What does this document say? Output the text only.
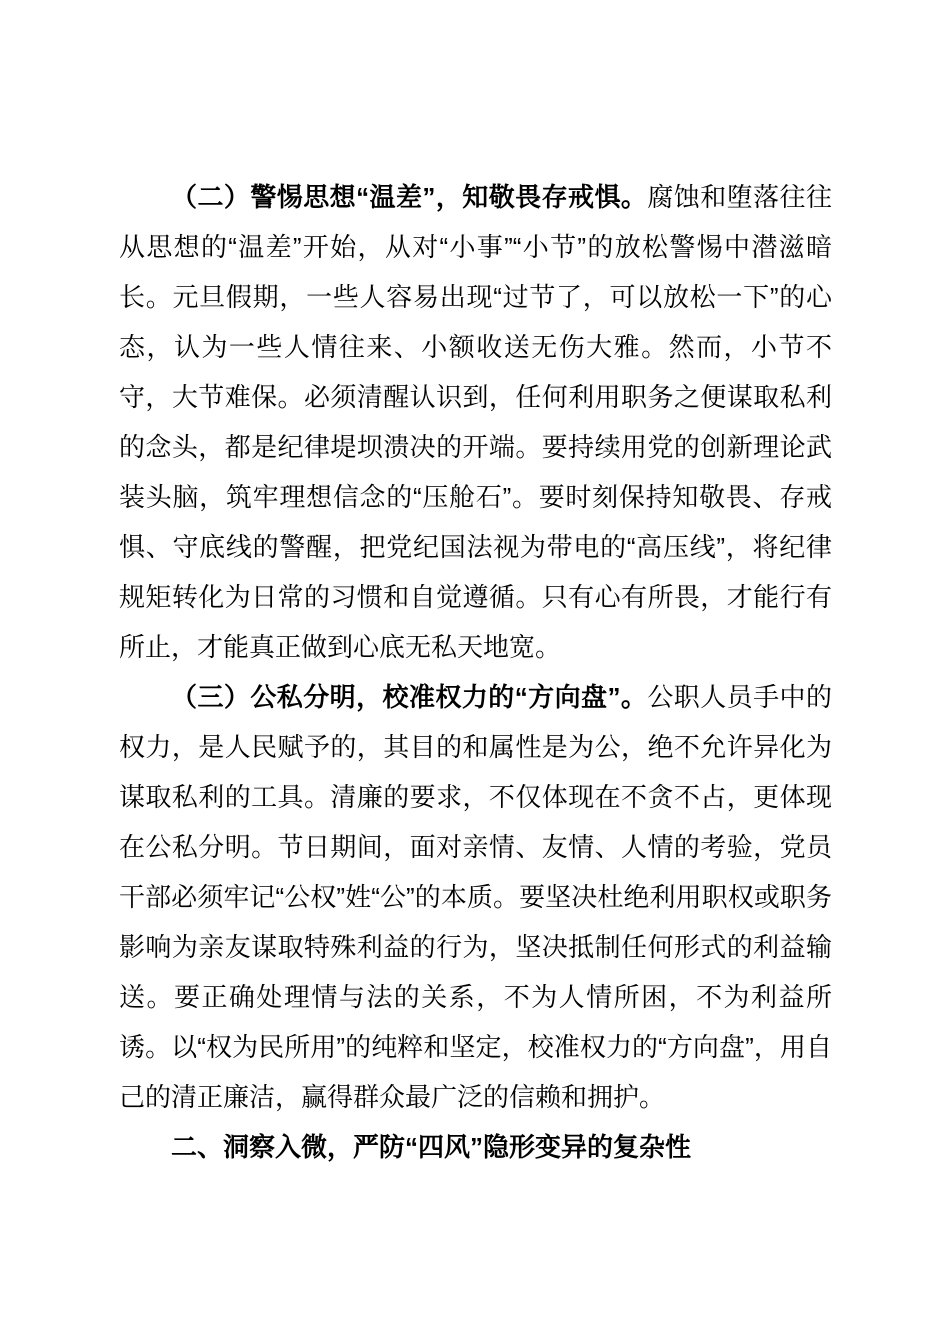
（二）警惕思想“温差”，知敬畏存戒惧。腐蚀和堕落往往从思想的“温差”开始，从对“小事”“小节”的放松警惕中潜滋暗长。元旦假期，一些人容易出现“过节了，可以放松一下”的心态，认为一些人情往来、小额收送无伤大雅。然而，小节不守，大节难保。必须清醒认识到，任何利用职务之便谋取私利的念头，都是纪律堤坝溃决的开端。要持续用党的创新理论武装头脑，筑牢理想信念的“压舱石”。要时刻保持知敬畏、存戒惧、守底线的警醒，把党纪国法视为带电的“高压线”，将纪律规矩转化为日常的习惯和自觉遵循。只有心有所畏，才能行有所止，才能真正做到心底无私天地宽。

（三）公私分明，校准权力的“方向盘”。公职人员手中的权力，是人民赋予的，其目的和属性是为公，绝不允许异化为谋取私利的工具。清廉的要求，不仅体现在不贪不占，更体现在公私分明。节日期间，面对亲情、友情、人情的考验，党员干部必须牢记“公权”姓“公”的本质。要坚决杜绝利用职权或职务影响为亲友谋取特殊利益的行为，坚决抵制任何形式的利益输送。要正确处理情与法的关系，不为人情所困，不为利益所诱。以“权为民所用”的纯粹和坚定，校准权力的“方向盘”，用自己的清正廉洁，赢得群众最广泛的信赖和拥护。

二、洞察入微，严防“四风”隐形变异的复杂性
